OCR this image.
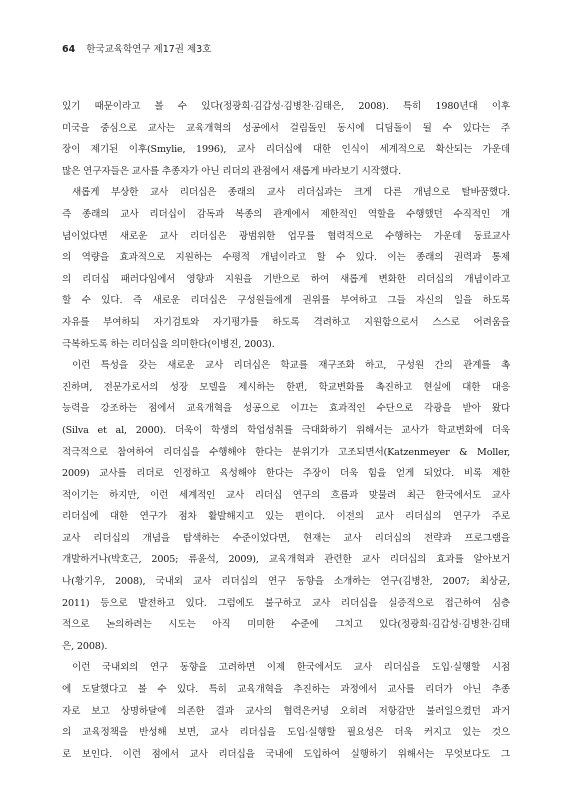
64 한국교육학연구 제17권 제3호
있기 때문이라고 볼 수 있다(정광희·김갑성·김병찬·김태은, 2008). 특히 1980년대 이후
미국을 중심으로 교사는 교육개혁의 성공에서 걸림돌인 동시에 디딤돌이 될 수 있다는 주
장이 제기된 이후(Smylie, 1996), 교사 리더십에 대한 인식이 세계적으로 확산되는 가운데
많은 연구자들은 교사를 추종자가 아닌 리더의 관점에서 새롭게 바라보기 시작했다.
새롭게 부상한 교사 리더십은 종래의 교사 리더십과는 크게 다른 개념으로 탈바꿈했다.
즉 종래의 교사 리더십이 감독과 복종의 관계에서 제한적인 역할을 수행했던 수직적인 개
념이었다면 새로운 교사 리더십은 광범위한 업무를 협력적으로 수행하는 가운데 동료교사
의 역량을 효과적으로 지원하는 수평적 개념이라고 할 수 있다. 이는 종래의 권력과 통제
의 리더십 패러다임에서 영향과 지원을 기반으로 하여 새롭게 변화한 리더십의 개념이라고
할 수 있다. 즉 새로운 리더십은 구성원들에게 권위를 부여하고 그들 자신의 일을 하도록
자유를 부여하되 자기검토와 자기평가를 하도록 격려하고 지원함으로서 스스로 어려움을
극복하도록 하는 리더십을 의미한다(이병진, 2003).
이런 특성을 갖는 새로운 교사 리더십은 학교를 재구조화 하고, 구성원 간의 관계를 촉
진하며, 전문가로서의 성장 모델을 제시하는 한편, 학교변화를 촉진하고 현실에 대한 대응
능력을 강조하는 점에서 교육개혁을 성공으로 이끄는 효과적인 수단으로 각광을 받아 왔다
(Silva et al, 2000). 더욱이 학생의 학업성취를 극대화하기 위해서는 교사가 학교변화에 더욱
적극적으로 참여하여 리더십을 수행해야 한다는 분위기가 고조되면서(Katzenmeyer & Moller,
2009) 교사를 리더로 인정하고 육성해야 한다는 주장이 더욱 힘을 얻게 되었다. 비록 제한
적이기는 하지만, 이런 세계적인 교사 리더십 연구의 흐름과 맞물려 최근 한국에서도 교사
리더십에 대한 연구가 점차 활발해지고 있는 편이다. 이전의 교사 리더십의 연구가 주로
교사 리더십의 개념을 탐색하는 수준이었다면, 현재는 교사 리더십의 전략과 프로그램을
개발하거나(박호근, 2005; 류윤석, 2009), 교육개혁과 관련한 교사 리더십의 효과를 알아보거
나(황기우, 2008), 국내외 교사 리더십의 연구 동향을 소개하는 연구(김병찬, 2007; 최상균,
2011) 등으로 발전하고 있다. 그럼에도 불구하고 교사 리더십을 실증적으로 접근하여 심층
적으로 논의하려는 시도는 아직 미미한 수준에 그치고 있다(정광희·김갑성·김병찬·김태
은, 2008).
이런 국내외의 연구 동향을 고려하면 이제 한국에서도 교사 리더십을 도입·실행할 시점
에 도달했다고 볼 수 있다. 특히 교육개혁을 추진하는 과정에서 교사를 리더가 아닌 추종
자로 보고 상명하달에 의존한 결과 교사의 협력은커녕 오히려 저항감만 불러일으켰던 과거
의 교육정책을 반성해 보면, 교사 리더십을 도입·실행할 필요성은 더욱 커지고 있는 것으
로 보인다. 이런 점에서 교사 리더십을 국내에 도입하여 실행하기 위해서는 무엇보다도 그
